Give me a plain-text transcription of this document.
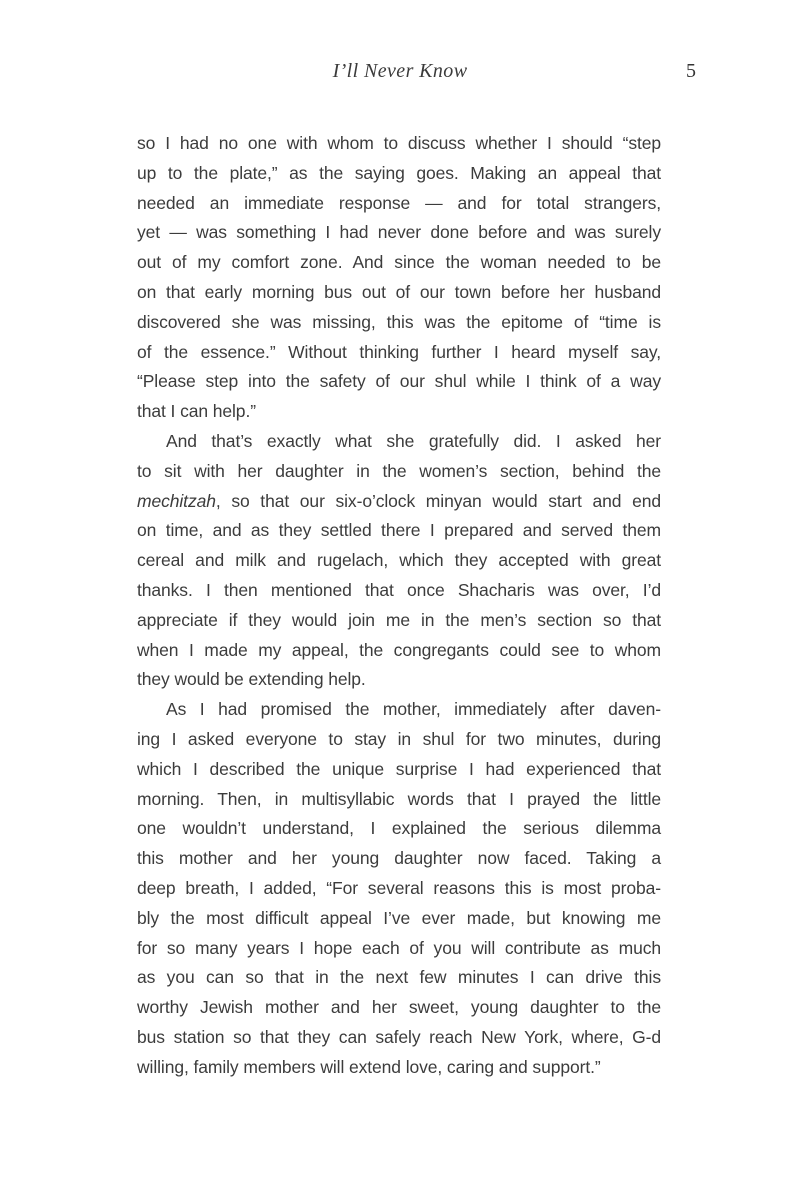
I’ll Never Know	5
so I had no one with whom to discuss whether I should “step
up to the plate,” as the saying goes. Making an appeal that
needed an immediate response — and for total strangers,
yet — was something I had never done before and was surely
out of my comfort zone. And since the woman needed to be
on that early morning bus out of our town before her husband
discovered she was missing, this was the epitome of “time is
of the essence.” Without thinking further I heard myself say,
“Please step into the safety of our shul while I think of a way
that I can help.”
And that’s exactly what she gratefully did. I asked her
to sit with her daughter in the women’s section, behind the
mechitzah, so that our six-o’clock minyan would start and end
on time, and as they settled there I prepared and served them
cereal and milk and rugelach, which they accepted with great
thanks. I then mentioned that once Shacharis was over, I’d
appreciate if they would join me in the men’s section so that
when I made my appeal, the congregants could see to whom
they would be extending help.
As I had promised the mother, immediately after daven-
ing I asked everyone to stay in shul for two minutes, during
which I described the unique surprise I had experienced that
morning. Then, in multisyllabic words that I prayed the little
one wouldn’t understand, I explained the serious dilemma
this mother and her young daughter now faced. Taking a
deep breath, I added, “For several reasons this is most proba-
bly the most difficult appeal I’ve ever made, but knowing me
for so many years I hope each of you will contribute as much
as you can so that in the next few minutes I can drive this
worthy Jewish mother and her sweet, young daughter to the
bus station so that they can safely reach New York, where, G-d
willing, family members will extend love, caring and support.”
